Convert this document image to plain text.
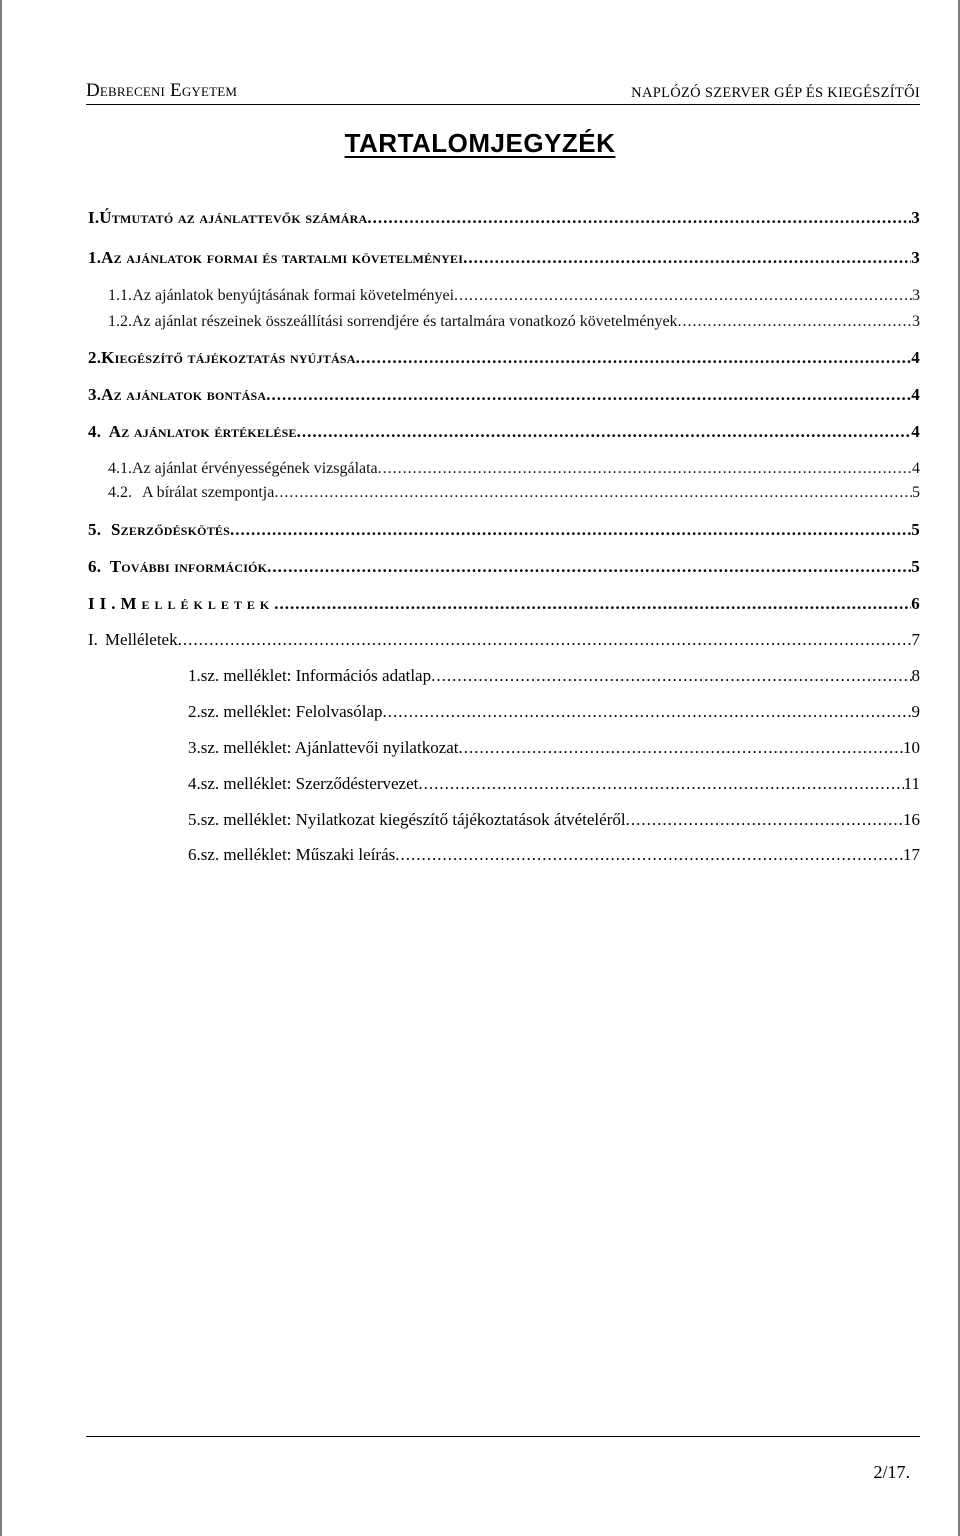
Debreceni Egyetem	NAPLÓZÓ SZERVER GÉP ÉS KIEGÉSZÍTŐI
TARTALOMJEGYZÉK
I. Útmutató az ajánlattevők számára .....	3
1. Az ajánlatok formai és tartalmi követelményei .....	3
1.1. Az ajánlatok benyújtásának formai követelményei .....	3
1.2. Az ajánlat részeinek összeállítási sorrendjére és tartalmára vonatkozó követelmények .....	3
2. Kiegészítő tájékoztatás nyújtása .....	4
3. Az ajánlatok bontása .....	4
4. Az ajánlatok értékelése .....	4
4.1. Az ajánlat érvényességének vizsgálata .....	4
4.2. A bírálat szempontja .....	5
5. Szerződéskötés .....	5
6. További információk .....	5
II. Mellékletek .....	6
I. Melléletek .....	7
1. sz. melléklet: Információs adatlap .....	8
2. sz. melléklet: Felolvasólap .....	9
3. sz. melléklet: Ajánlattevői nyilatkozat .....	10
4. sz. melléklet: Szerződéstervezet .....	11
5. sz. melléklet: Nyilatkozat kiegészítő tájékoztatások átvételéről .....	16
6. sz. melléklet: Műszaki leírás .....	17
2/17.
